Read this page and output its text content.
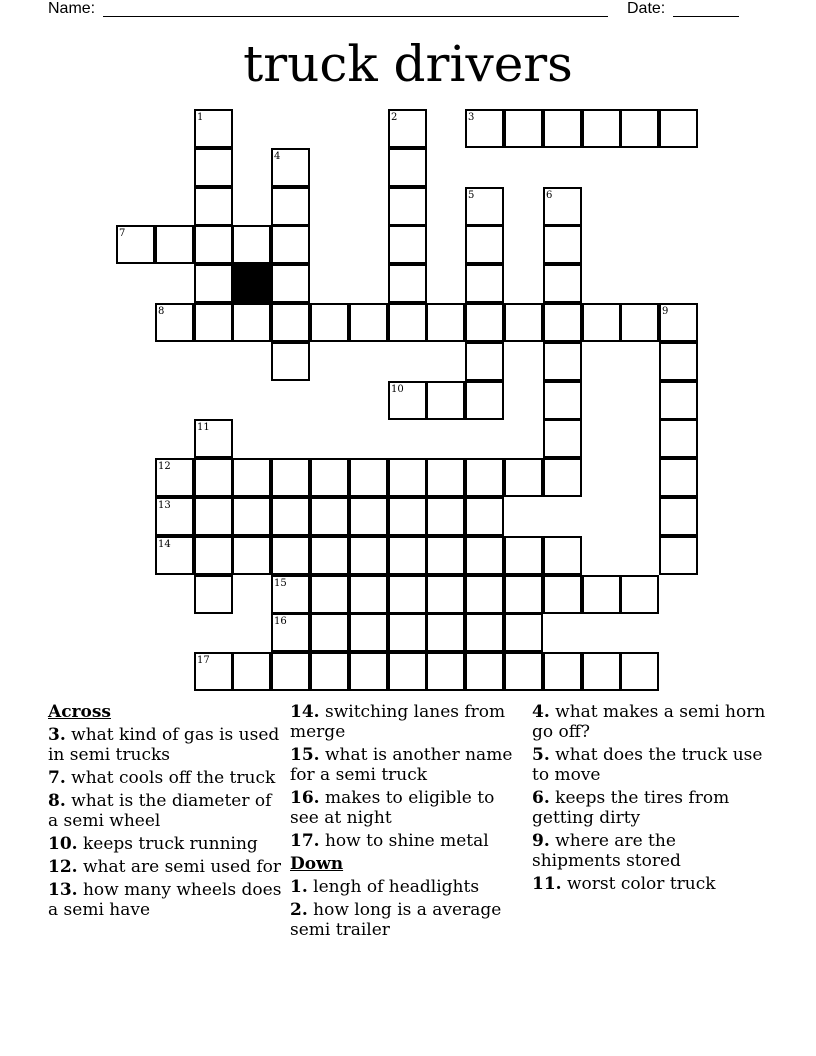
Name:	Date:
truck drivers
1	2	3
4
5	6
7
8	9
10
11
12
13
14
15
16
17
Across
3. what kind of gas is used in semi trucks
7. what cools off the truck
8. what is the diameter of a semi wheel
10. keeps truck running
12. what are semi used for
13. how many wheels does a semi have
14. switching lanes from merge
15. what is another name for a semi truck
16. makes to eligible to see at night
17. how to shine metal
Down
1. lengh of headlights
2. how long is a average semi trailer
4. what makes a semi horn go off?
5. what does the truck use to move
6. keeps the tires from getting dirty
9. where are the shipments stored
11. worst color truck
